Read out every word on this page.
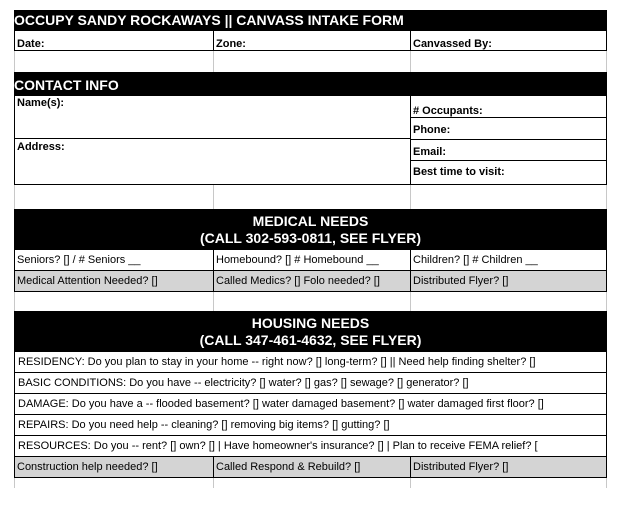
OCCUPY SANDY ROCKAWAYS || CANVASS INTAKE FORM
Date:	Zone:	Canvassed By:
CONTACT INFO
Name(s):
Address:
# Occupants:
Phone:
Email:
Best time to visit:
MEDICAL NEEDS
(CALL 302-593-0811, SEE FLYER)
Seniors? [] / # Seniors __	Homebound? [] # Homebound __	Children? [] # Children __
Medical Attention Needed? []	Called Medics? [] Folo needed? []	Distributed Flyer? []
HOUSING NEEDS
(CALL 347-461-4632, SEE FLYER)
RESIDENCY: Do you plan to stay in your home -- right now? [] long-term? [] || Need help finding shelter? []
BASIC CONDITIONS: Do you have -- electricity? [] water? [] gas? [] sewage? [] generator? []
DAMAGE: Do you have a -- flooded basement? [] water damaged basement? [] water damaged first floor? []
REPAIRS: Do you need help -- cleaning? [] removing big items? [] gutting? []
RESOURCES: Do you -- rent? [] own? [] | Have homeowner's insurance? [] | Plan to receive FEMA relief? [
Construction help needed? []	Called Respond & Rebuild? []	Distributed Flyer? []
